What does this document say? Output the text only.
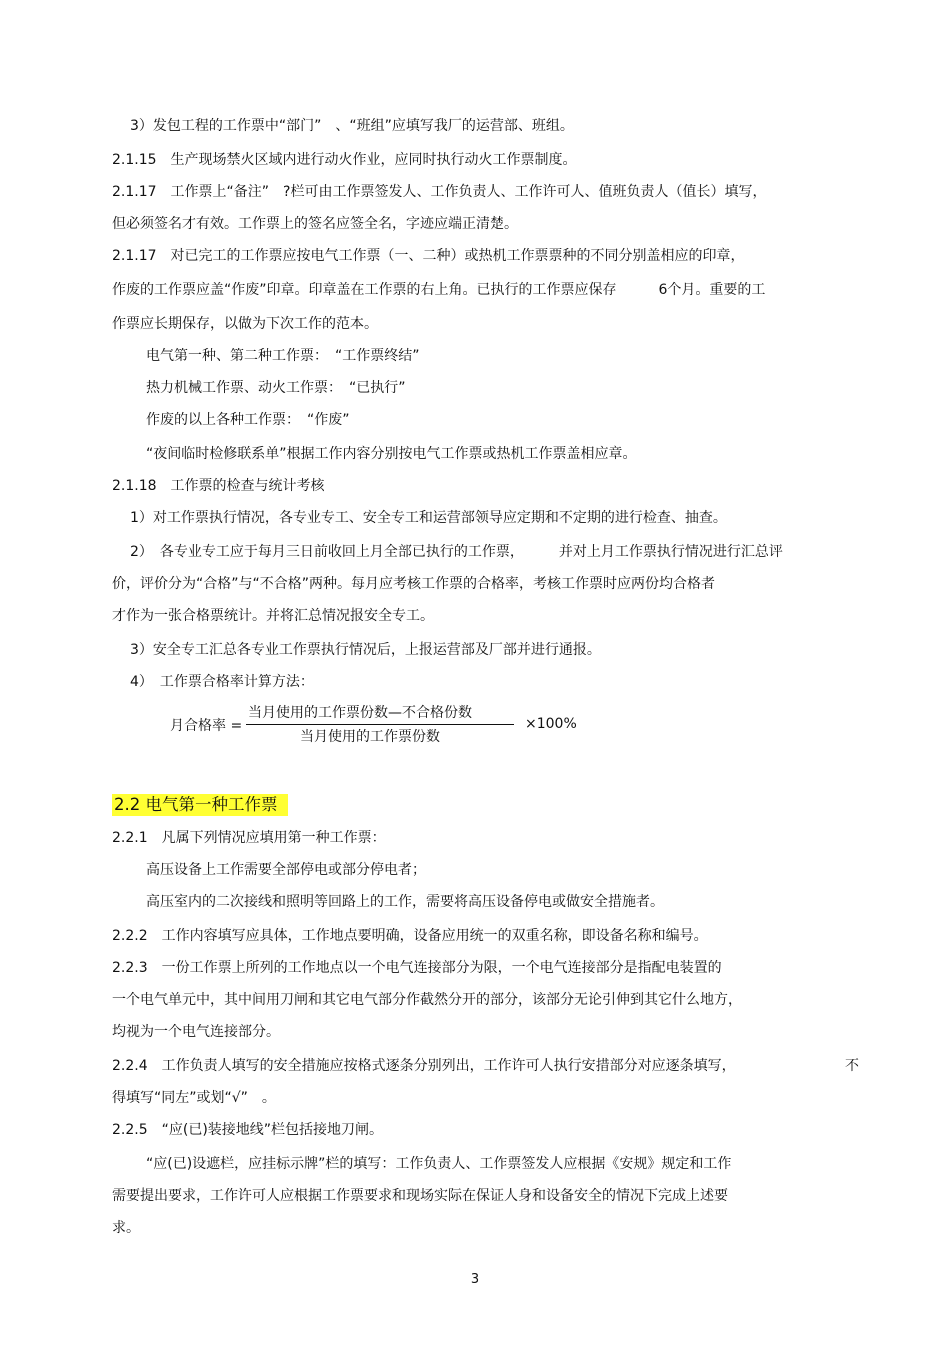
3）发包工程的工作票中“部门”　、“班组”应填写我厂的运营部、班组。
2.1.15　生产现场禁火区域内进行动火作业，应同时执行动火工作票制度。
2.1.17　工作票上“备注”　?栏可由工作票签发人、工作负责人、工作许可人、值班负责人（值长）填写，
但必须签名才有效。工作票上的签名应签全名，字迹应端正清楚。
2.1.17　对已完工的工作票应按电气工作票（一、二种）或热机工作票票种的不同分别盖相应的印章，
作废的工作票应盖“作废”印章。印章盖在工作票的右上角。已执行的工作票应保存　　　6个月。重要的工
作票应长期保存，以做为下次工作的范本。
电气第一种、第二种工作票：　“工作票终结”
热力机械工作票、动火工作票：　“已执行”
作废的以上各种工作票：　“作废”
“夜间临时检修联系单”根据工作内容分别按电气工作票或热机工作票盖相应章。
2.1.18　工作票的检查与统计考核
1）对工作票执行情况，各专业专工、安全专工和运营部领导应定期和不定期的进行检查、抽查。
2）　各专业专工应于每月三日前收回上月全部已执行的工作票，　　　并对上月工作票执行情况进行汇总评
价，评价分为“合格”与“不合格”两种。每月应考核工作票的合格率，考核工作票时应两份均合格者
才作为一张合格票统计。并将汇总情况报安全专工。
3）安全专工汇总各专业工作票执行情况后，上报运营部及厂部并进行通报。
4）　工作票合格率计算方法：
月合格率 =
当月使用的工作票份数—不合格份数
当月使用的工作票份数
×100%
2.2 电气第一种工作票
2.2.1　凡属下列情况应填用第一种工作票：
高压设备上工作需要全部停电或部分停电者；
高压室内的二次接线和照明等回路上的工作，需要将高压设备停电或做安全措施者。
2.2.2　工作内容填写应具体，工作地点要明确，设备应用统一的双重名称，即设备名称和编号。
2.2.3　一份工作票上所列的工作地点以一个电气连接部分为限，一个电气连接部分是指配电装置的
一个电气单元中，其中间用刀闸和其它电气部分作截然分开的部分，该部分无论引伸到其它什么地方，
均视为一个电气连接部分。
2.2.4　工作负责人填写的安全措施应按格式逐条分别列出，工作许可人执行安措部分对应逐条填写，	不
得填写“同左”或划“√”　。
2.2.5　“应(已)装接地线”栏包括接地刀闸。
“应(已)设遮栏，应挂标示牌”栏的填写：工作负责人、工作票签发人应根据《安规》规定和工作
需要提出要求，工作许可人应根据工作票要求和现场实际在保证人身和设备安全的情况下完成上述要
求。
3
